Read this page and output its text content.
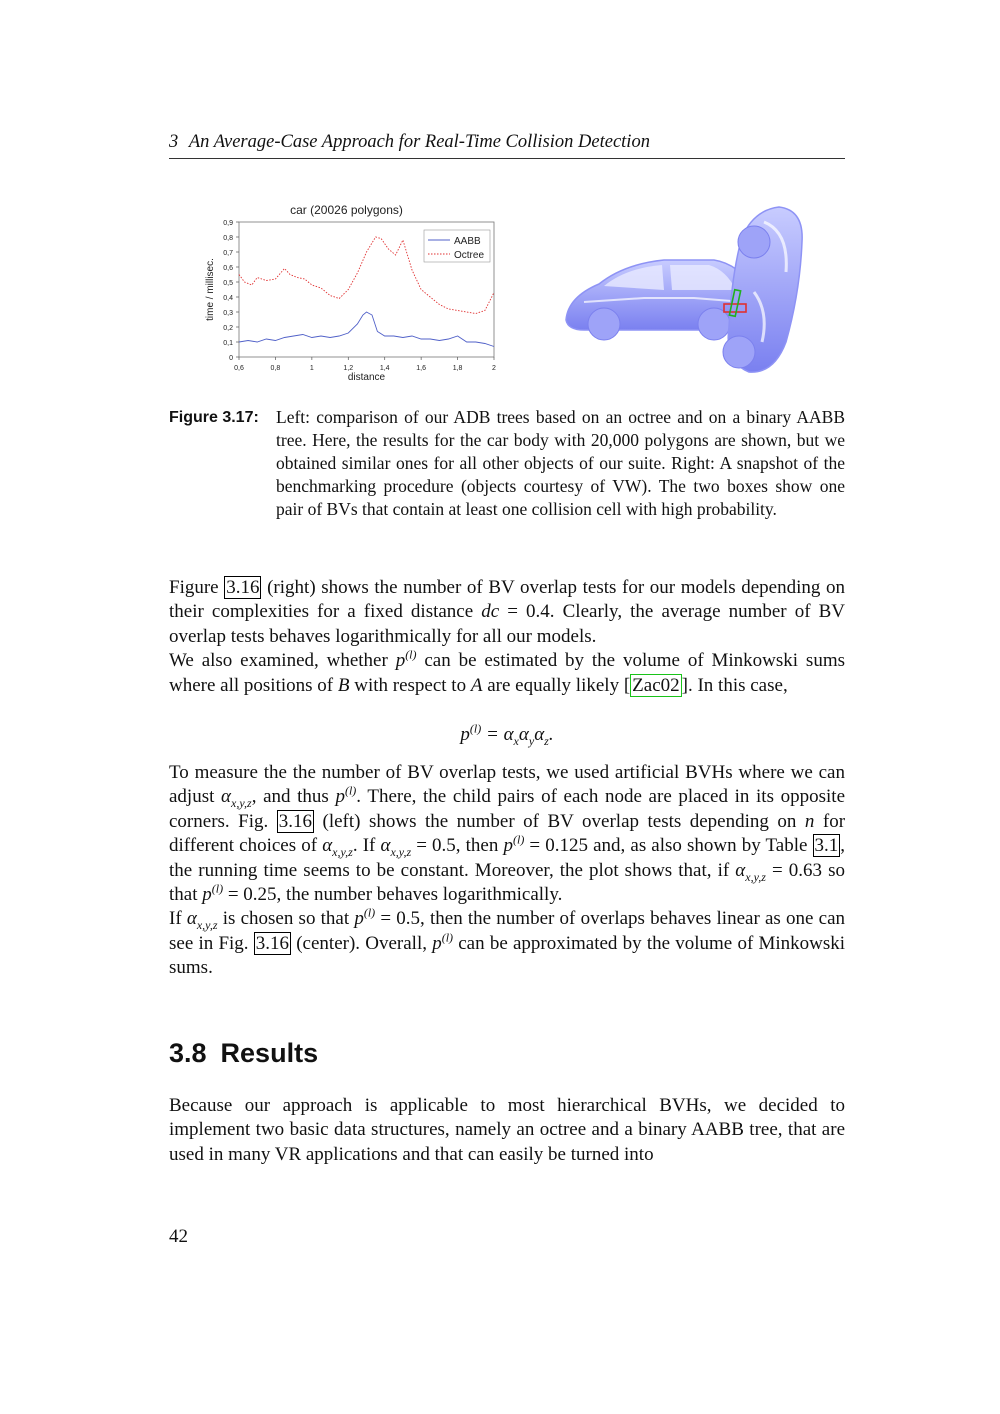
3 An Average-Case Approach for Real-Time Collision Detection
car (20026 polygons)
0
0,1
0,2
0,3
0,4
0,5
0,6
0,7
0,8
0,9
0,6	0,8	1	1,2	1,4	1,6	1,8	2
distance
time / millisec.
AABB
Octree
Figure 3.17: Left: comparison of our ADB trees based on an octree and on a binary AABB tree. Here, the results for the car body with 20,000 polygons are shown, but we obtained similar ones for all other objects of our suite. Right: A snapshot of the benchmarking procedure (objects courtesy of VW). The two boxes show one pair of BVs that contain at least one collision cell with high probability.

Figure 3.16 (right) shows the number of BV overlap tests for our models depending on their complexities for a fixed distance dc = 0.4. Clearly, the average number of BV overlap tests behaves logarithmically for all our models.

We also examined, whether $p^{(l)}$ can be estimated by the volume of Minkowski sums where all positions of B with respect to A are equally likely [ Zac02 ]. In this case,

$p^{(l)} = \alpha_x\alpha_y\alpha_z$.

To measure the the number of BV overlap tests, we used artificial BVHs where we can adjust $\alpha_{x,y,z}$, and thus $p^{(l)}$. There, the child pairs of each node are placed in its opposite corners. Fig. 3.16 (left) shows the number of BV overlap tests depending on n for different choices of $\alpha_{x,y,z}$. If $\alpha_{x,y,z} = 0.5$, then $p^{(l)} = 0.125$ and, as also shown by Table 3.1 , the running time seems to be constant. Moreover, the plot shows that, if $\alpha_{x,y,z} = 0.63$ so that $p^{(l)} = 0.25$, the number behaves logarithmically.

If $\alpha_{x,y,z}$ is chosen so that $p^{(l)} = 0.5$, then the number of overlaps behaves linear as one can see in Fig. 3.16 (center). Overall, $p^{(l)}$ can be approximated by the volume of Minkowski sums.

3.8 Results

Because our approach is applicable to most hierarchical BVHs, we decided to implement two basic data structures, namely an octree and a binary AABB tree, that are used in many VR applications and that can easily be turned into

42
